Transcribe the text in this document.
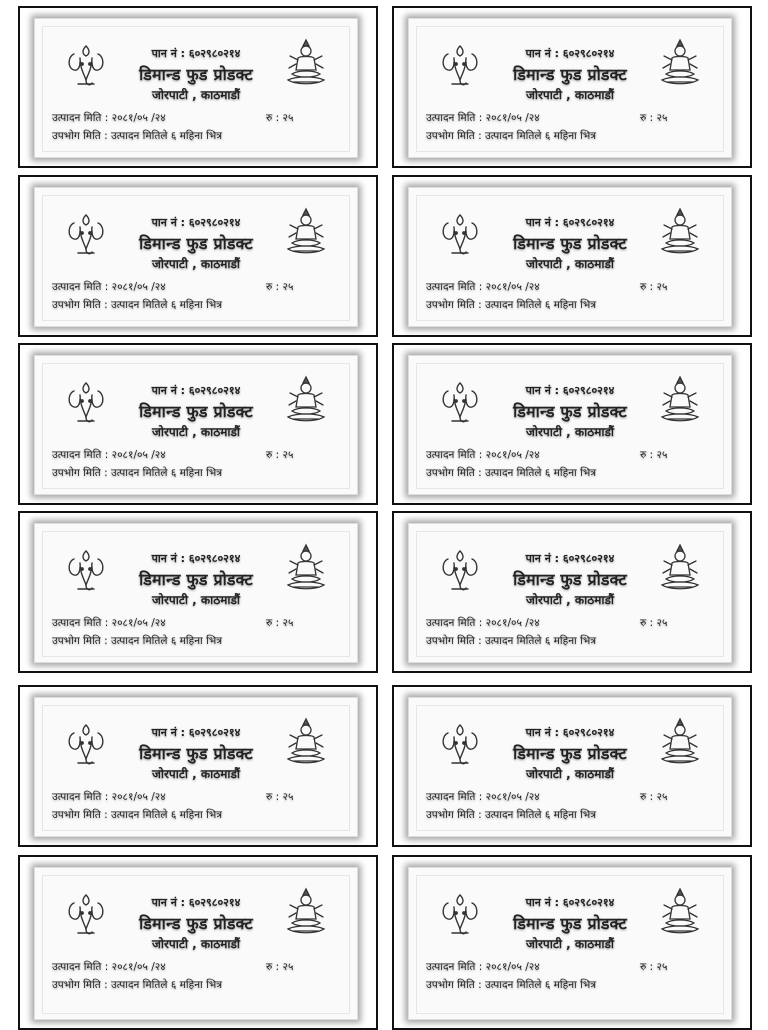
पान नं : ६०२९८०२१४
डिमान्ड फुड प्रोडक्ट
जोरपाटी , काठमाडौं
उत्पादन मिति : २०८१/०५ /२४	रु : २५
उपभोग मिति : उत्पादन मितिले ६ महिना भित्र
पान नं : ६०२९८०२१४
डिमान्ड फुड प्रोडक्ट
जोरपाटी , काठमाडौं
उत्पादन मिति : २०८१/०५ /२४	रु : २५
उपभोग मिति : उत्पादन मितिले ६ महिना भित्र
पान नं : ६०२९८०२१४
डिमान्ड फुड प्रोडक्ट
जोरपाटी , काठमाडौं
उत्पादन मिति : २०८१/०५ /२४	रु : २५
उपभोग मिति : उत्पादन मितिले ६ महिना भित्र
पान नं : ६०२९८०२१४
डिमान्ड फुड प्रोडक्ट
जोरपाटी , काठमाडौं
उत्पादन मिति : २०८१/०५ /२४	रु : २५
उपभोग मिति : उत्पादन मितिले ६ महिना भित्र
पान नं : ६०२९८०२१४
डिमान्ड फुड प्रोडक्ट
जोरपाटी , काठमाडौं
उत्पादन मिति : २०८१/०५ /२४	रु : २५
उपभोग मिति : उत्पादन मितिले ६ महिना भित्र
पान नं : ६०२९८०२१४
डिमान्ड फुड प्रोडक्ट
जोरपाटी , काठमाडौं
उत्पादन मिति : २०८१/०५ /२४	रु : २५
उपभोग मिति : उत्पादन मितिले ६ महिना भित्र
पान नं : ६०२९८०२१४
डिमान्ड फुड प्रोडक्ट
जोरपाटी , काठमाडौं
उत्पादन मिति : २०८१/०५ /२४	रु : २५
उपभोग मिति : उत्पादन मितिले ६ महिना भित्र
पान नं : ६०२९८०२१४
डिमान्ड फुड प्रोडक्ट
जोरपाटी , काठमाडौं
उत्पादन मिति : २०८१/०५ /२४	रु : २५
उपभोग मिति : उत्पादन मितिले ६ महिना भित्र
पान नं : ६०२९८०२१४
डिमान्ड फुड प्रोडक्ट
जोरपाटी , काठमाडौं
उत्पादन मिति : २०८१/०५ /२४	रु : २५
उपभोग मिति : उत्पादन मितिले ६ महिना भित्र
पान नं : ६०२९८०२१४
डिमान्ड फुड प्रोडक्ट
जोरपाटी , काठमाडौं
उत्पादन मिति : २०८१/०५ /२४	रु : २५
उपभोग मिति : उत्पादन मितिले ६ महिना भित्र
पान नं : ६०२९८०२१४
डिमान्ड फुड प्रोडक्ट
जोरपाटी , काठमाडौं
उत्पादन मिति : २०८१/०५ /२४	रु : २५
उपभोग मिति : उत्पादन मितिले ६ महिना भित्र
पान नं : ६०२९८०२१४
डिमान्ड फुड प्रोडक्ट
जोरपाटी , काठमाडौं
उत्पादन मिति : २०८१/०५ /२४	रु : २५
उपभोग मिति : उत्पादन मितिले ६ महिना भित्र
